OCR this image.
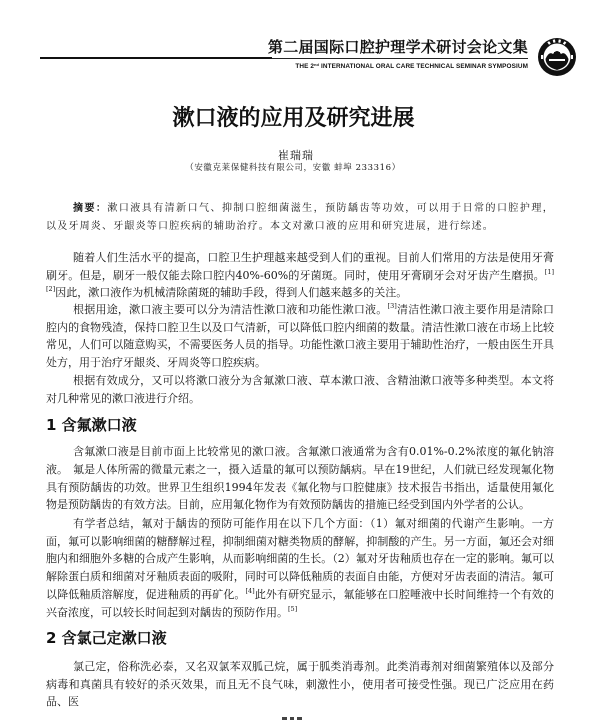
第二届国际口腔护理学术研讨会论文集
THE 2nd INTERNATIONAL ORAL CARE TECHNICAL SEMINAR SYMPOSIUM
漱口液的应用及研究进展
崔瑞瑞
（安徽克莱保健科技有限公司，安徽 蚌埠 233316）

摘要：漱口液具有清新口气、抑制口腔细菌滋生，预防龋齿等功效，可以用于日常的口腔护理，以及牙周炎、牙龈炎等口腔疾病的辅助治疗。本文对漱口液的应用和研究进展，进行综述。

随着人们生活水平的提高，口腔卫生护理越来越受到人们的重视。目前人们常用的方法是使用牙膏刷牙。但是，刷牙一般仅能去除口腔内40%-60%的牙菌斑。同时，使用牙膏刷牙会对牙齿产生磨损。[1][2]因此，漱口液作为机械清除菌斑的辅助手段，得到人们越来越多的关注。

根据用途，漱口液主要可以分为清洁性漱口液和功能性漱口液。[3]清洁性漱口液主要作用是清除口腔内的食物残渣，保持口腔卫生以及口气清新，可以降低口腔内细菌的数量。清洁性漱口液在市场上比较常见，人们可以随意购买，不需要医务人员的指导。功能性漱口液主要用于辅助性治疗，一般由医生开具处方，用于治疗牙龈炎、牙周炎等口腔疾病。

根据有效成分，又可以将漱口液分为含氟漱口液、草本漱口液、含精油漱口液等多种类型。本文将对几种常见的漱口液进行介绍。

1 含氟漱口液

含氟漱口液是目前市面上比较常见的漱口液。含氟漱口液通常为含有0.01%-0.2%浓度的氟化钠溶液。 氟是人体所需的微量元素之一，摄入适量的氟可以预防龋病。早在19世纪，人们就已经发现氟化物具有预防龋齿的功效。世界卫生组织1994年发表《氟化物与口腔健康》技术报告书指出，适量使用氟化物是预防龋齿的有效方法。目前，应用氟化物作为有效预防龋齿的措施已经受到国内外学者的公认。

有学者总结，氟对于龋齿的预防可能作用在以下几个方面：（1）氟对细菌的代谢产生影响。一方面，氟可以影响细菌的糖酵解过程，抑制细菌对糖类物质的酵解，抑制酸的产生。另一方面，氟还会对细胞内和细胞外多糖的合成产生影响，从而影响细菌的生长。（2）氟对牙齿釉质也存在一定的影响。氟可以解除蛋白质和细菌对牙釉质表面的吸附，同时可以降低釉质的表面自由能，方便对牙齿表面的清洁。氟可以降低釉质溶解度，促进釉质的再矿化。[4]此外有研究显示，氟能够在口腔唾液中长时间维持一个有效的兴奋浓度，可以较长时间起到对龋齿的预防作用。[5]

2 含氯己定漱口液

氯己定，俗称洗必泰，又名双氯苯双胍己烷，属于胍类消毒剂。此类消毒剂对细菌繁殖体以及部分病毒和真菌具有较好的杀灭效果，而且无不良气味，刺激性小，使用者可接受性强。现已广泛应用在药品、医
